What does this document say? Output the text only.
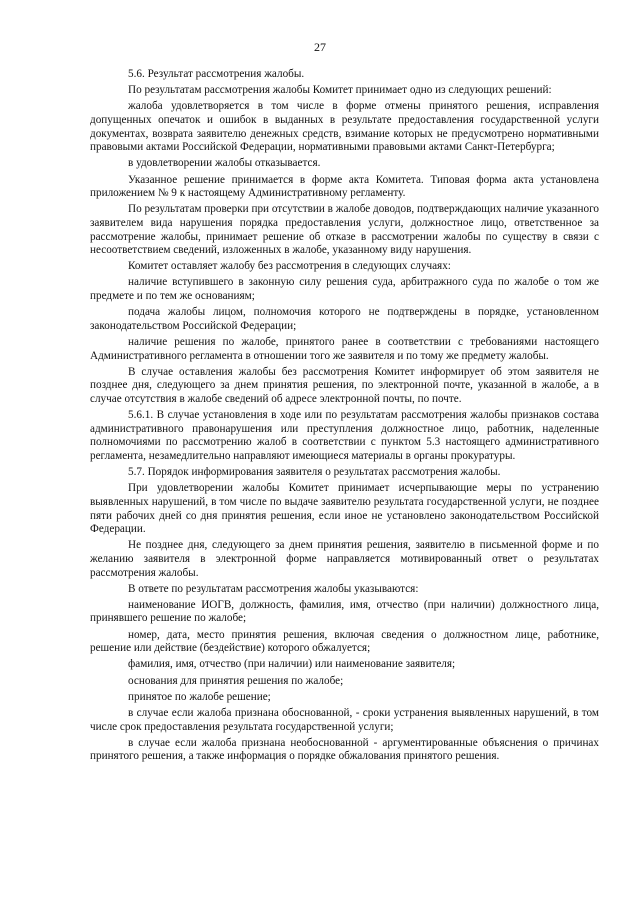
27

5.6. Результат рассмотрения жалобы.

По результатам рассмотрения жалобы Комитет принимает одно из следующих решений:

жалоба удовлетворяется в том числе в форме отмены принятого решения, исправления допущенных опечаток и ошибок в выданных в результате предоставления государственной услуги документах, возврата заявителю денежных средств, взимание которых не предусмотрено нормативными правовыми актами Российской Федерации, нормативными правовыми актами Санкт-Петербурга;

в удовлетворении жалобы отказывается.

Указанное решение принимается в форме акта Комитета. Типовая форма акта установлена приложением № 9 к настоящему Административному регламенту.

По результатам проверки при отсутствии в жалобе доводов, подтверждающих наличие указанного заявителем вида нарушения порядка предоставления услуги, должностное лицо, ответственное за рассмотрение жалобы, принимает решение об отказе в рассмотрении жалобы по существу в связи с несоответствием сведений, изложенных в жалобе, указанному виду нарушения.

Комитет оставляет жалобу без рассмотрения в следующих случаях:

наличие вступившего в законную силу решения суда, арбитражного суда по жалобе о том же предмете и по тем же основаниям;

подача жалобы лицом, полномочия которого не подтверждены в порядке, установленном законодательством Российской Федерации;

наличие решения по жалобе, принятого ранее в соответствии с требованиями настоящего Административного регламента в отношении того же заявителя и по тому же предмету жалобы.

В случае оставления жалобы без рассмотрения Комитет информирует об этом заявителя не позднее дня, следующего за днем принятия решения, по электронной почте, указанной в жалобе, а в случае отсутствия в жалобе сведений об адресе электронной почты, по почте.

5.6.1. В случае установления в ходе или по результатам рассмотрения жалобы признаков состава административного правонарушения или преступления должностное лицо, работник, наделенные полномочиями по рассмотрению жалоб в соответствии с пунктом 5.3 настоящего административного регламента, незамедлительно направляют имеющиеся материалы в органы прокуратуры.

5.7. Порядок информирования заявителя о результатах рассмотрения жалобы.

При удовлетворении жалобы Комитет принимает исчерпывающие меры по устранению выявленных нарушений, в том числе по выдаче заявителю результата государственной услуги, не позднее пяти рабочих дней со дня принятия решения, если иное не установлено законодательством Российской Федерации.

Не позднее дня, следующего за днем принятия решения, заявителю в письменной форме и по желанию заявителя в электронной форме направляется мотивированный ответ о результатах рассмотрения жалобы.

В ответе по результатам рассмотрения жалобы указываются:

наименование ИОГВ, должность, фамилия, имя, отчество (при наличии) должностного лица, принявшего решение по жалобе;

номер, дата, место принятия решения, включая сведения о должностном лице, работнике, решение или действие (бездействие) которого обжалуется;

фамилия, имя, отчество (при наличии) или наименование заявителя;

основания для принятия решения по жалобе;

принятое по жалобе решение;

в случае если жалоба признана обоснованной, - сроки устранения выявленных нарушений, в том числе срок предоставления результата государственной услуги;

в случае если жалоба признана необоснованной - аргументированные объяснения о причинах принятого решения, а также информация о порядке обжалования принятого решения.
